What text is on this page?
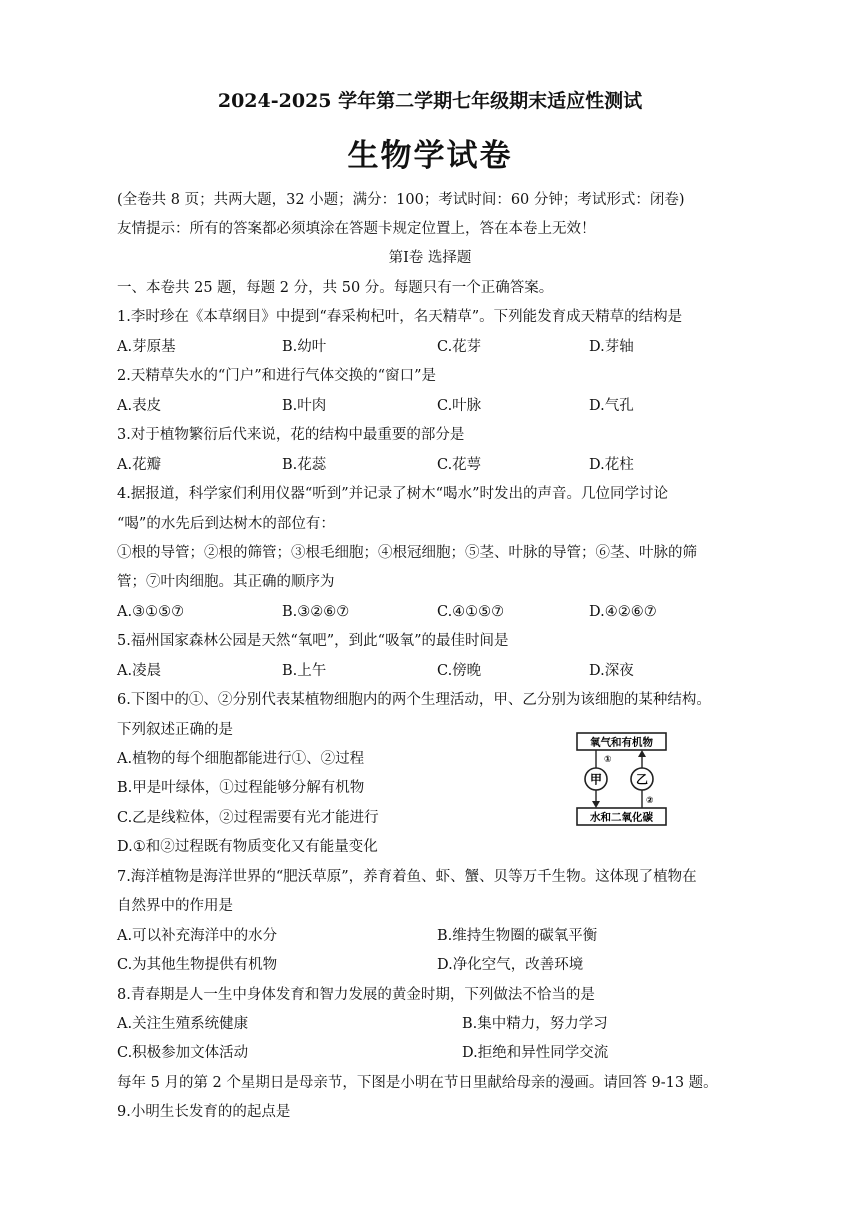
2024-2025 学年第二学期七年级期末适应性测试
生物学试卷
(全卷共 8 页；共两大题，32 小题；满分：100；考试时间：60 分钟；考试形式：闭卷)
友情提示：所有的答案都必须填涂在答题卡规定位置上，答在本卷上无效！
第Ⅰ卷 选择题
一、本卷共 25 题，每题 2 分，共 50 分。每题只有一个正确答案。
1.李时珍在《本草纲目》中提到“春采枸杞叶，名天精草”。下列能发育成天精草的结构是
A.芽原基	B.幼叶	C.花芽	D.芽轴
2.天精草失水的“门户”和进行气体交换的“窗口”是
A.表皮	B.叶肉	C.叶脉	D.气孔
3.对于植物繁衍后代来说，花的结构中最重要的部分是
A.花瓣	B.花蕊	C.花萼	D.花柱
4.据报道，科学家们利用仪器“听到”并记录了树木“喝水”时发出的声音。几位同学讨论
“喝”的水先后到达树木的部位有：
①根的导管；②根的筛管；③根毛细胞；④根冠细胞；⑤茎、叶脉的导管；⑥茎、叶脉的筛
管；⑦叶肉细胞。其正确的顺序为
A.③①⑤⑦	B.③②⑥⑦	C.④①⑤⑦	D.④②⑥⑦
5.福州国家森林公园是天然“氧吧”，到此“吸氧”的最佳时间是
A.凌晨	B.上午	C.傍晚	D.深夜
6.下图中的①、②分别代表某植物细胞内的两个生理活动，甲、乙分别为该细胞的某种结构。
下列叙述正确的是
A.植物的每个细胞都能进行①、②过程
B.甲是叶绿体，①过程能够分解有机物
C.乙是线粒体，②过程需要有光才能进行
D.①和②过程既有物质变化又有能量变化
氧气和有机物
水和二氧化碳
甲	乙
①
②
7.海洋植物是海洋世界的“肥沃草原”，养育着鱼、虾、蟹、贝等万千生物。这体现了植物在
自然界中的作用是
A.可以补充海洋中的水分	B.维持生物圈的碳氧平衡
C.为其他生物提供有机物	D.净化空气，改善环境
8.青春期是人一生中身体发育和智力发展的黄金时期，下列做法不恰当的是
A.关注生殖系统健康	B.集中精力，努力学习
C.积极参加文体活动	D.拒绝和异性同学交流
每年 5 月的第 2 个星期日是母亲节，下图是小明在节日里献给母亲的漫画。请回答 9-13 题。
9.小明生长发育的的起点是
